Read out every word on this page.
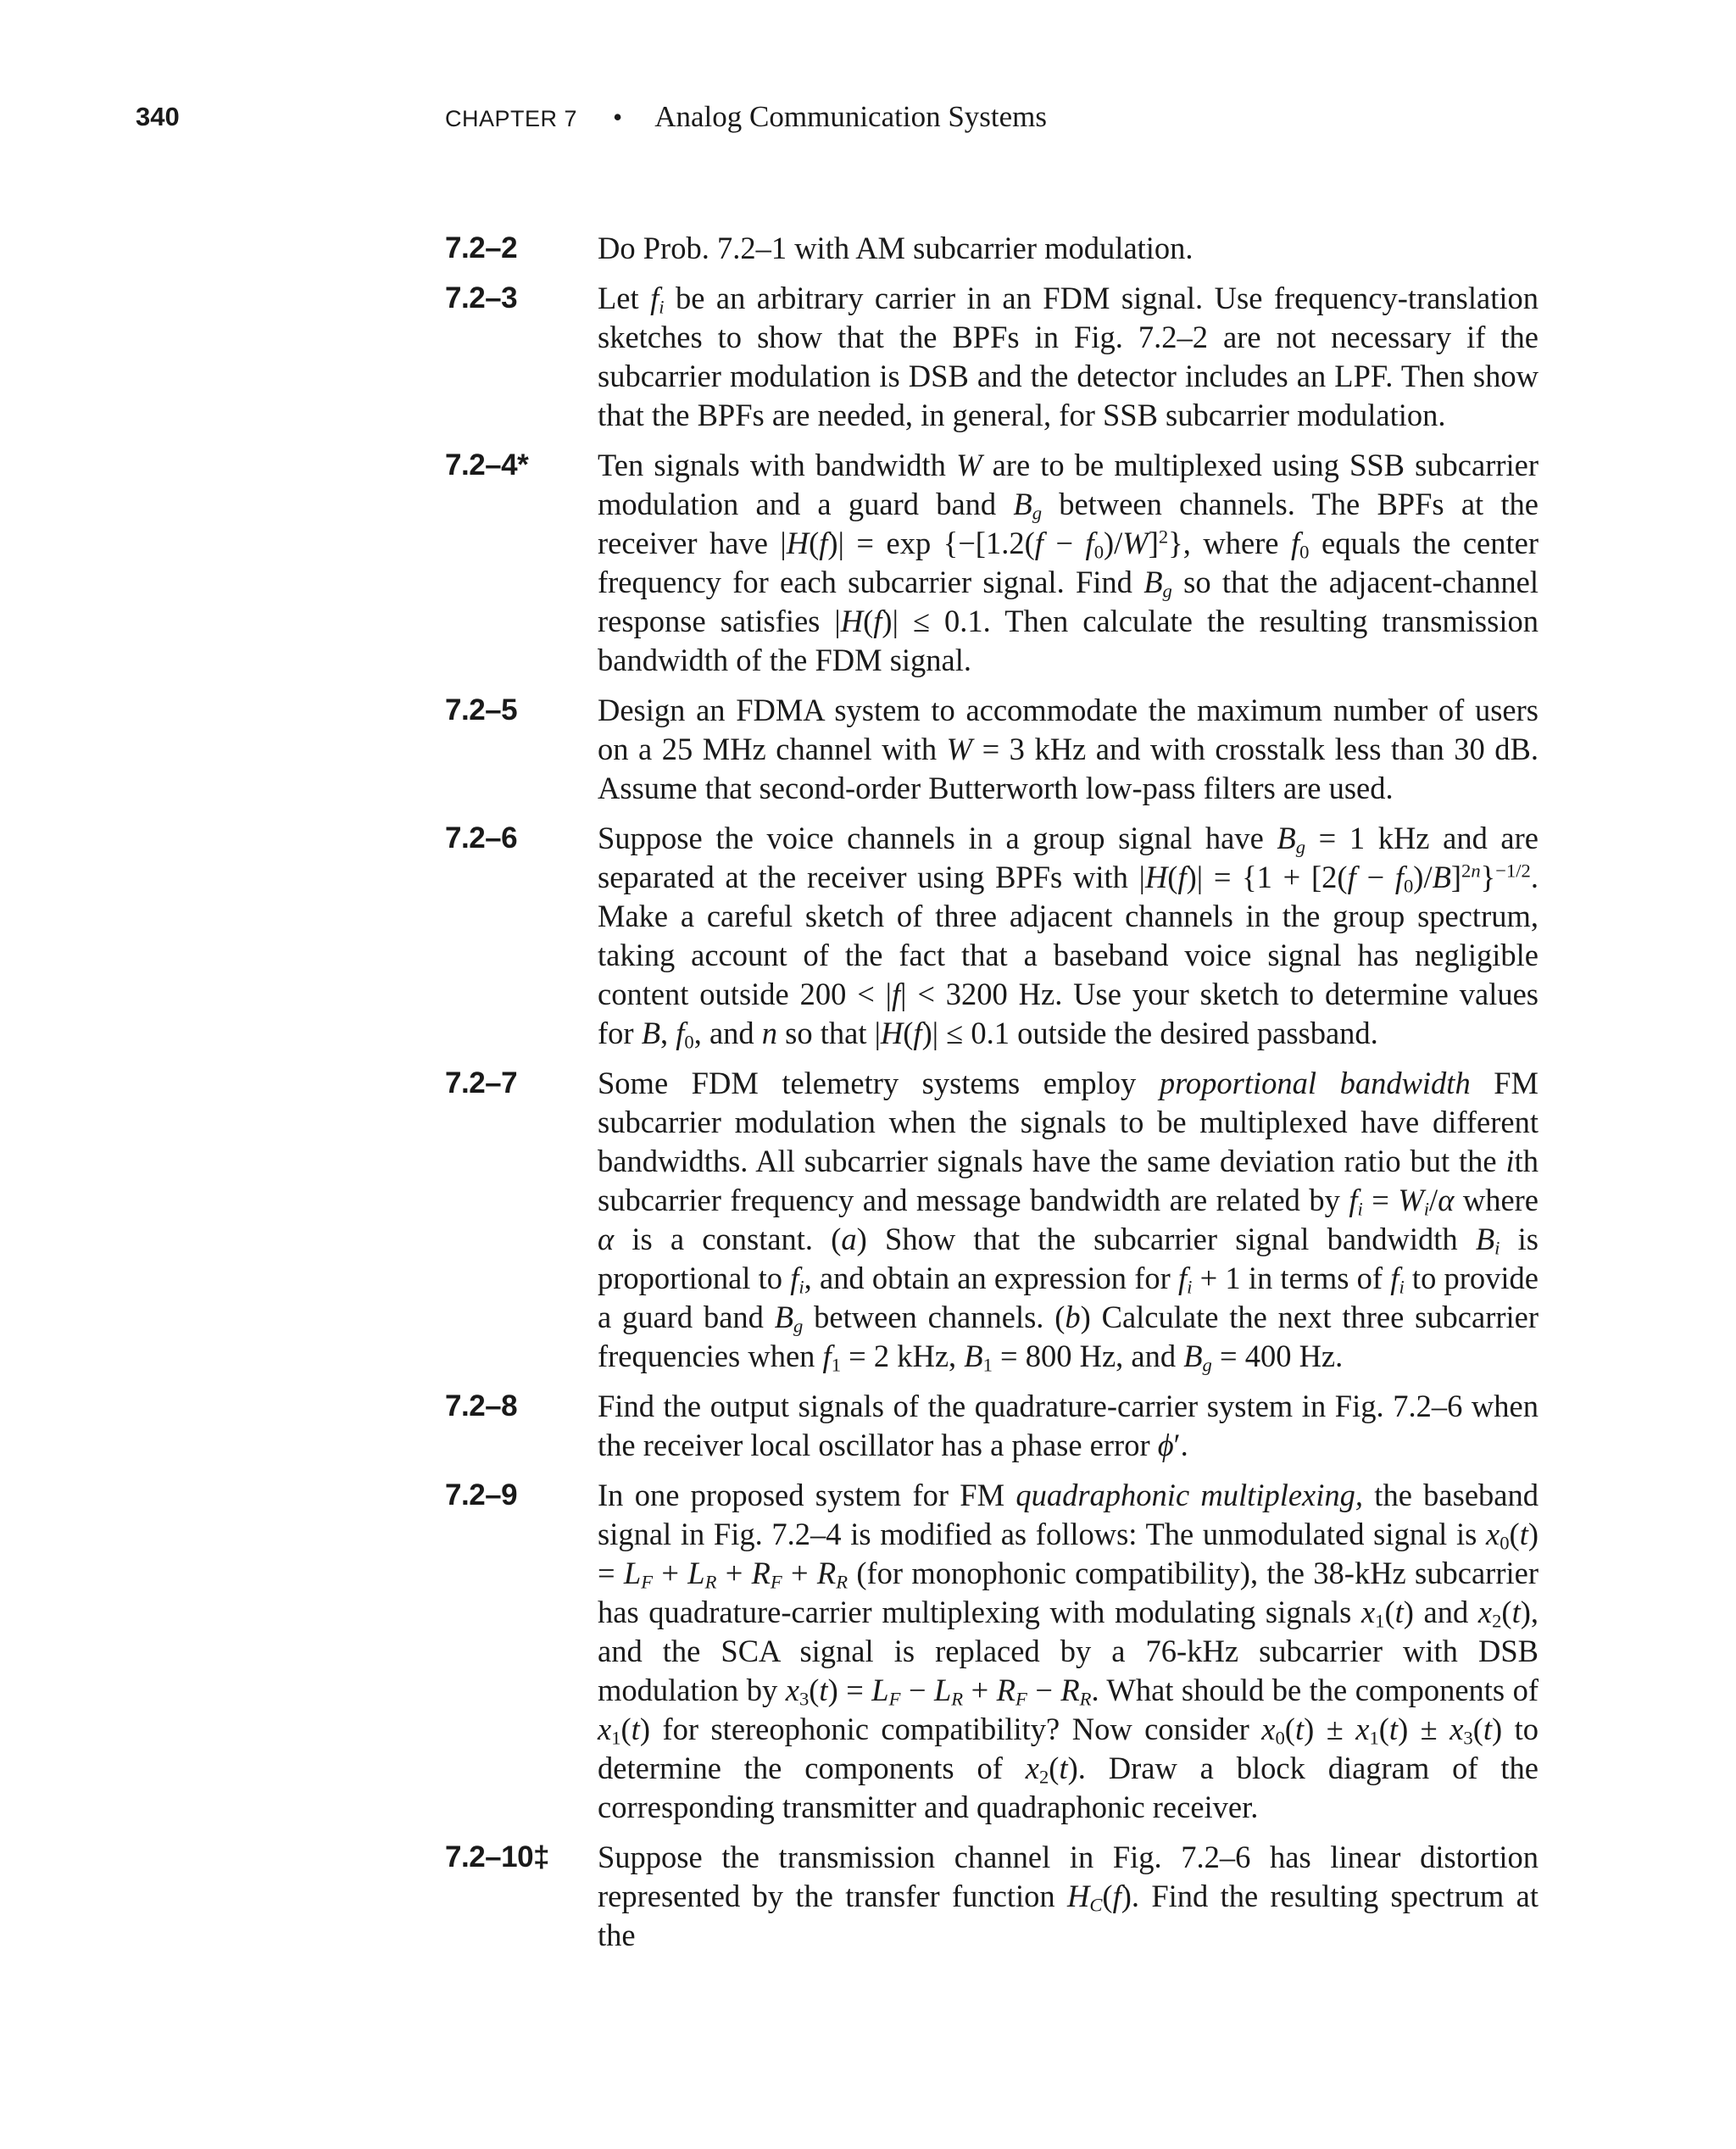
340	CHAPTER 7 • Analog Communication Systems
7.2–2	Do Prob. 7.2–1 with AM subcarrier modulation.
7.2–3	Let $f_i$ be an arbitrary carrier in an FDM signal. Use frequency-translation sketches to show that the BPFs in Fig. 7.2–2 are not necessary if the subcarrier modulation is DSB and the detector includes an LPF. Then show that the BPFs are needed, in general, for SSB subcarrier modulation.
7.2–4*	Ten signals with bandwidth W are to be multiplexed using SSB subcarrier modulation and a guard band $B_g$ between channels. The BPFs at the receiver have $|H(f)| = \exp \{-[1.2(f - f_0)/W]^2\}$, where $f_0$ equals the center frequency for each subcarrier signal. Find $B_g$ so that the adjacent-channel response satisfies |H(f)| ≤ 0.1. Then calculate the resulting transmission bandwidth of the FDM signal.
7.2–5	Design an FDMA system to accommodate the maximum number of users on a 25 MHz channel with W = 3 kHz and with crosstalk less than 30 dB. Assume that second-order Butterworth low-pass filters are used.
7.2–6	Suppose the voice channels in a group signal have $B_g = 1$ kHz and are separated at the receiver using BPFs with $|H(f)| = \{1 + [2(f - f_0)/B]^{2n}\}^{-1/2}$. Make a careful sketch of three adjacent channels in the group spectrum, taking account of the fact that a baseband voice signal has negligible content outside 200 < |f| < 3200 Hz. Use your sketch to determine values for B, $f_0$, and n so that |H(f)| ≤ 0.1 outside the desired passband.
7.2–7	Some FDM telemetry systems employ proportional bandwidth FM subcarrier modulation when the signals to be multiplexed have different bandwidths. All subcarrier signals have the same deviation ratio but the ith subcarrier frequency and message bandwidth are related by $f_i = W_i/\alpha$ where α is a constant. (a) Show that the subcarrier signal bandwidth $B_i$ is proportional to $f_i$, and obtain an expression for $f_i + 1$ in terms of $f_i$ to provide a guard band $B_g$ between channels. (b) Calculate the next three subcarrier frequencies when $f_1 = 2$ kHz, $B_1 = 800$ Hz, and $B_g = 400$ Hz.
7.2–8	Find the output signals of the quadrature-carrier system in Fig. 7.2–6 when the receiver local oscillator has a phase error ϕ′.
7.2–9	In one proposed system for FM quadraphonic multiplexing, the baseband signal in Fig. 7.2–4 is modified as follows: The unmodulated signal is $x_0(t) = L_F + L_R + R_F + R_R$ (for monophonic compatibility), the 38-kHz subcarrier has quadrature-carrier multiplexing with modulating signals $x_1(t)$ and $x_2(t)$, and the SCA signal is replaced by a 76-kHz subcarrier with DSB modulation by $x_3(t) = L_F - L_R + R_F - R_R$. What should be the components of $x_1(t)$ for stereophonic compatibility? Now consider $x_0(t) \pm x_1(t) \pm x_3(t)$ to determine the components of $x_2(t)$. Draw a block diagram of the corresponding transmitter and quadraphonic receiver.
7.2–10‡	Suppose the transmission channel in Fig. 7.2–6 has linear distortion represented by the transfer function $H_C(f)$. Find the resulting spectrum at the
